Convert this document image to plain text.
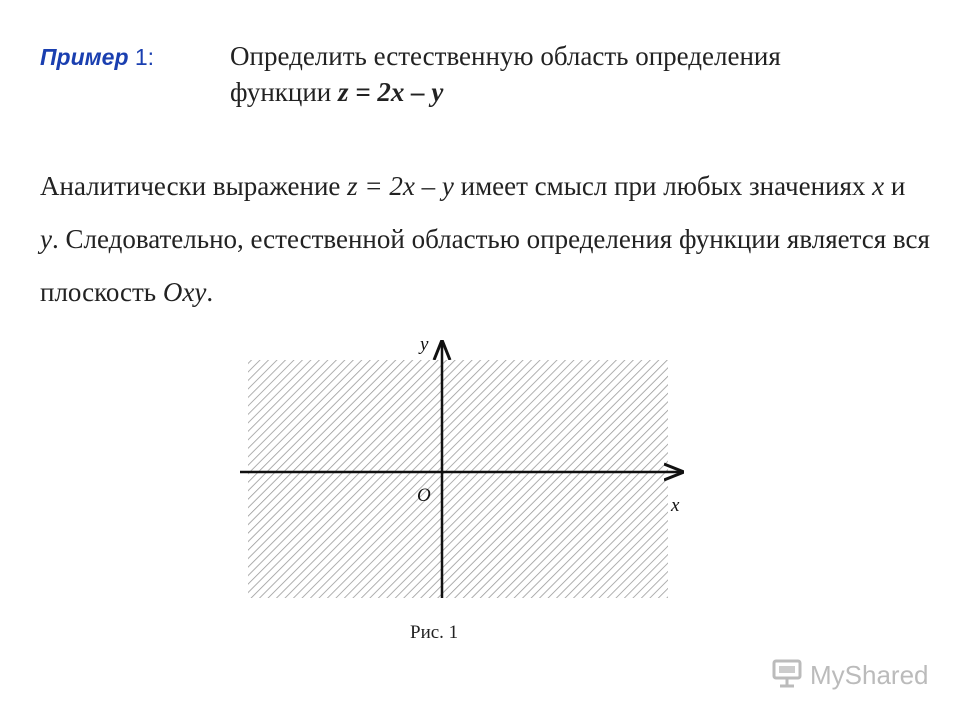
Пример 1:	Определить естественную область определения
функции z = 2x – y
Аналитически выражение z = 2x – y имеет смысл при любых значениях x и y. Следовательно, естественной областью определения функции является вся плоскость Oxy.
y
x
O
Рис. 1
MyShared
